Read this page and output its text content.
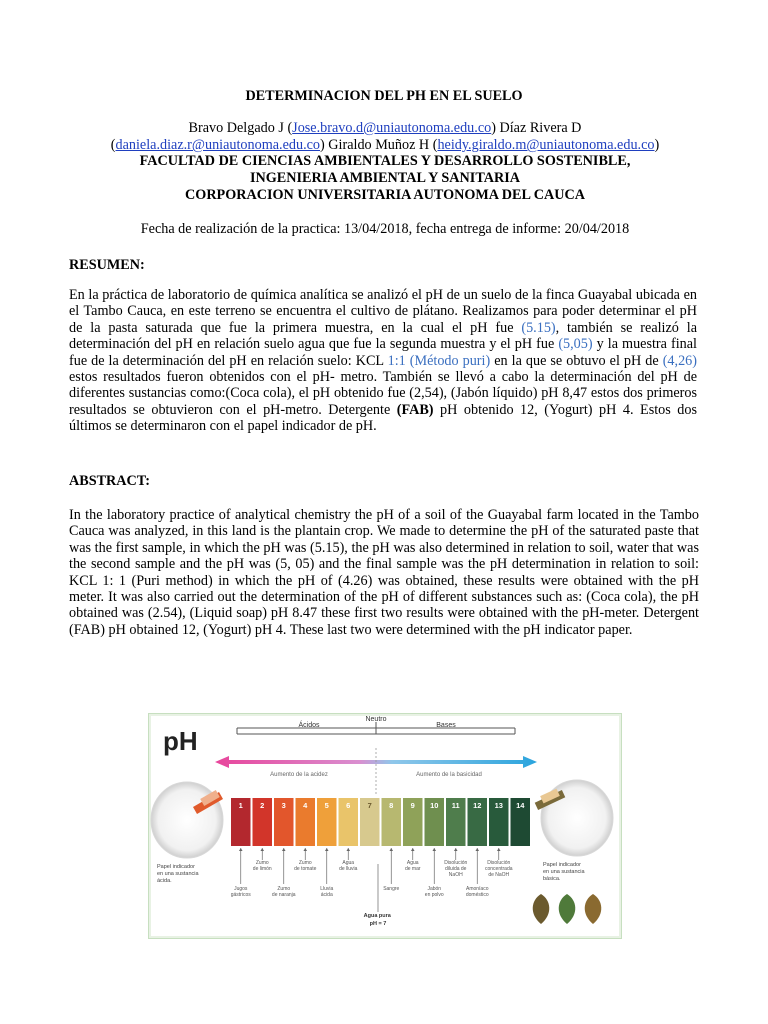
DETERMINACION DEL PH EN EL SUELO
Bravo Delgado J (Jose.bravo.d@uniautonoma.edu.co) Díaz Rivera D
(daniela.diaz.r@uniautonoma.edu.co) Giraldo Muñoz H (heidy.giraldo.m@uniautonoma.edu.co)
FACULTAD DE CIENCIAS AMBIENTALES Y DESARROLLO SOSTENIBLE,
INGENIERIA AMBIENTAL Y SANITARIA
CORPORACION UNIVERSITARIA AUTONOMA DEL CAUCA
Fecha de realización de la practica: 13/04/2018, fecha entrega de informe: 20/04/2018
RESUMEN:
En la práctica de laboratorio de química analítica se analizó el pH de un suelo de la finca Guayabal ubicada en el Tambo Cauca, en este terreno se encuentra el cultivo de plátano. Realizamos para poder determinar el pH de la pasta saturada que fue la primera muestra, en la cual el pH fue (5.15), también se realizó la determinación del pH en relación suelo agua que fue la segunda muestra y el pH fue (5,05) y la muestra final fue de la determinación del pH en relación suelo: KCL 1:1 (Método puri) en la que se obtuvo el pH de (4,26) estos resultados fueron obtenidos con el pH- metro. También se llevó a cabo la determinación del pH de diferentes sustancias como:(Coca cola), el pH obtenido fue (2,54), (Jabón líquido) pH 8,47 estos dos primeros resultados se obtuvieron con el pH-metro. Detergente (FAB) pH obtenido 12, (Yogurt) pH 4. Estos dos últimos se determinaron con el papel indicador de pH.
ABSTRACT:
In the laboratory practice of analytical chemistry the pH of a soil of the Guayabal farm located in the Tambo Cauca was analyzed, in this land is the plantain crop. We made to determine the pH of the saturated paste that was the first sample, in which the pH was (5.15), the pH was also determined in relation to soil, water that was the second sample and the pH was (5, 05) and the final sample was the pH determination in relation to soil: KCL 1: 1 (Puri method) in which the pH of (4.26) was obtained, these results were obtained with the pH meter. It was also carried out the determination of the pH of different substances such as: (Coca cola), the pH obtained was (2.54), (Liquid soap) pH 8.47 these first two results were obtained with the pH-meter. Detergent (FAB) pH obtained 12, (Yogurt) pH 4. These last two were determined with the pH indicator paper.
pH
Ácidos
Neutro
Bases
Aumento de la acidez	Aumento de la basicidad
Papel indicador en una sustancia ácida.
Papel indicador en una sustancia básica.
Agua pura pH = 7
1 2 3 4 5 6 7 8 9 10 11 12 13 14
Zumo de limón
Zumo de tomate
Agua de lluvia
Agua de mar
Disolución diluida de NaOH
Disolución concentrada de NaOH
Jugos gástricos
Zumo de naranja
Lluvia ácida
Sangre	Jabón en polvo
Amoníaco doméstico
